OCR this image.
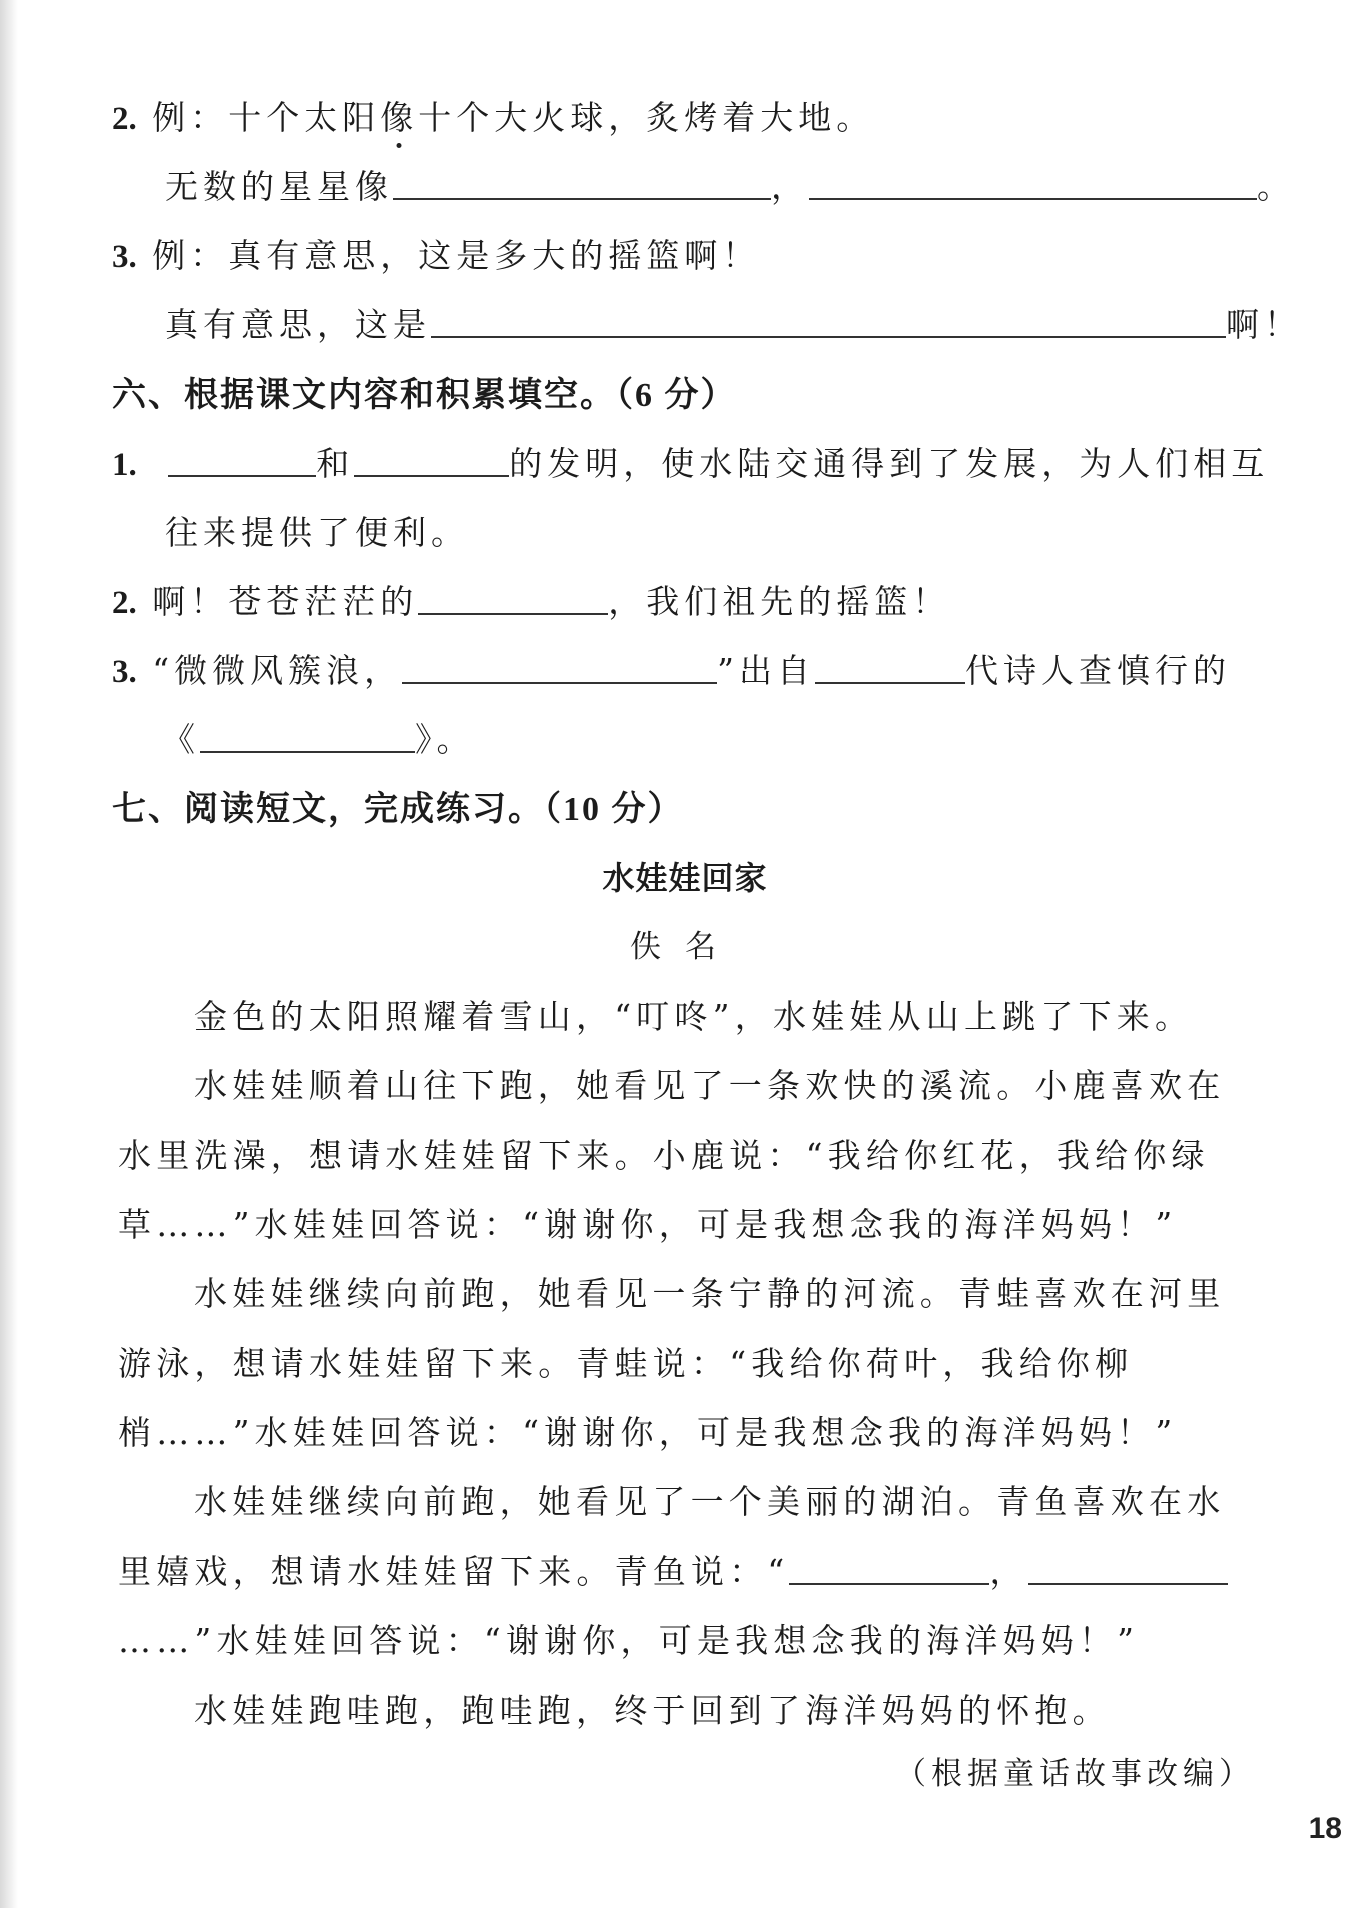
2. 例：十个太阳像十个大火球，炙烤着大地。
无数的星星像	，	。
3. 例：真有意思，这是多大的摇篮啊！
真有意思，这是	啊！
六、根据课文内容和积累填空。（6 分）
1.	和	的发明，使水陆交通得到了发展，为人们相互
往来提供了便利。
2. 啊！苍苍茫茫的	，我们祖先的摇篮！
3. “微微风簇浪，	”出自	代诗人查慎行的
《	》。
七、阅读短文，完成练习。（10 分）
水娃娃回家
佚名
金色的太阳照耀着雪山，“叮咚”，水娃娃从山上跳了下来。
水娃娃顺着山往下跑，她看见了一条欢快的溪流。小鹿喜欢在水里洗澡，想请水娃娃留下来。小鹿说：“我给你红花，我给你绿草……”水娃娃回答说：“谢谢你，可是我想念我的海洋妈妈！”
水娃娃继续向前跑，她看见一条宁静的河流。青蛙喜欢在河里游泳，想请水娃娃留下来。青蛙说：“我给你荷叶，我给你柳梢……”水娃娃回答说：“谢谢你，可是我想念我的海洋妈妈！”
水娃娃继续向前跑，她看见了一个美丽的湖泊。青鱼喜欢在水里嬉戏，想请水娃娃留下来。青鱼说：“	，……”水娃娃回答说：“谢谢你，可是我想念我的海洋妈妈！”
水娃娃跑哇跑，跑哇跑，终于回到了海洋妈妈的怀抱。
（根据童话故事改编）
18
